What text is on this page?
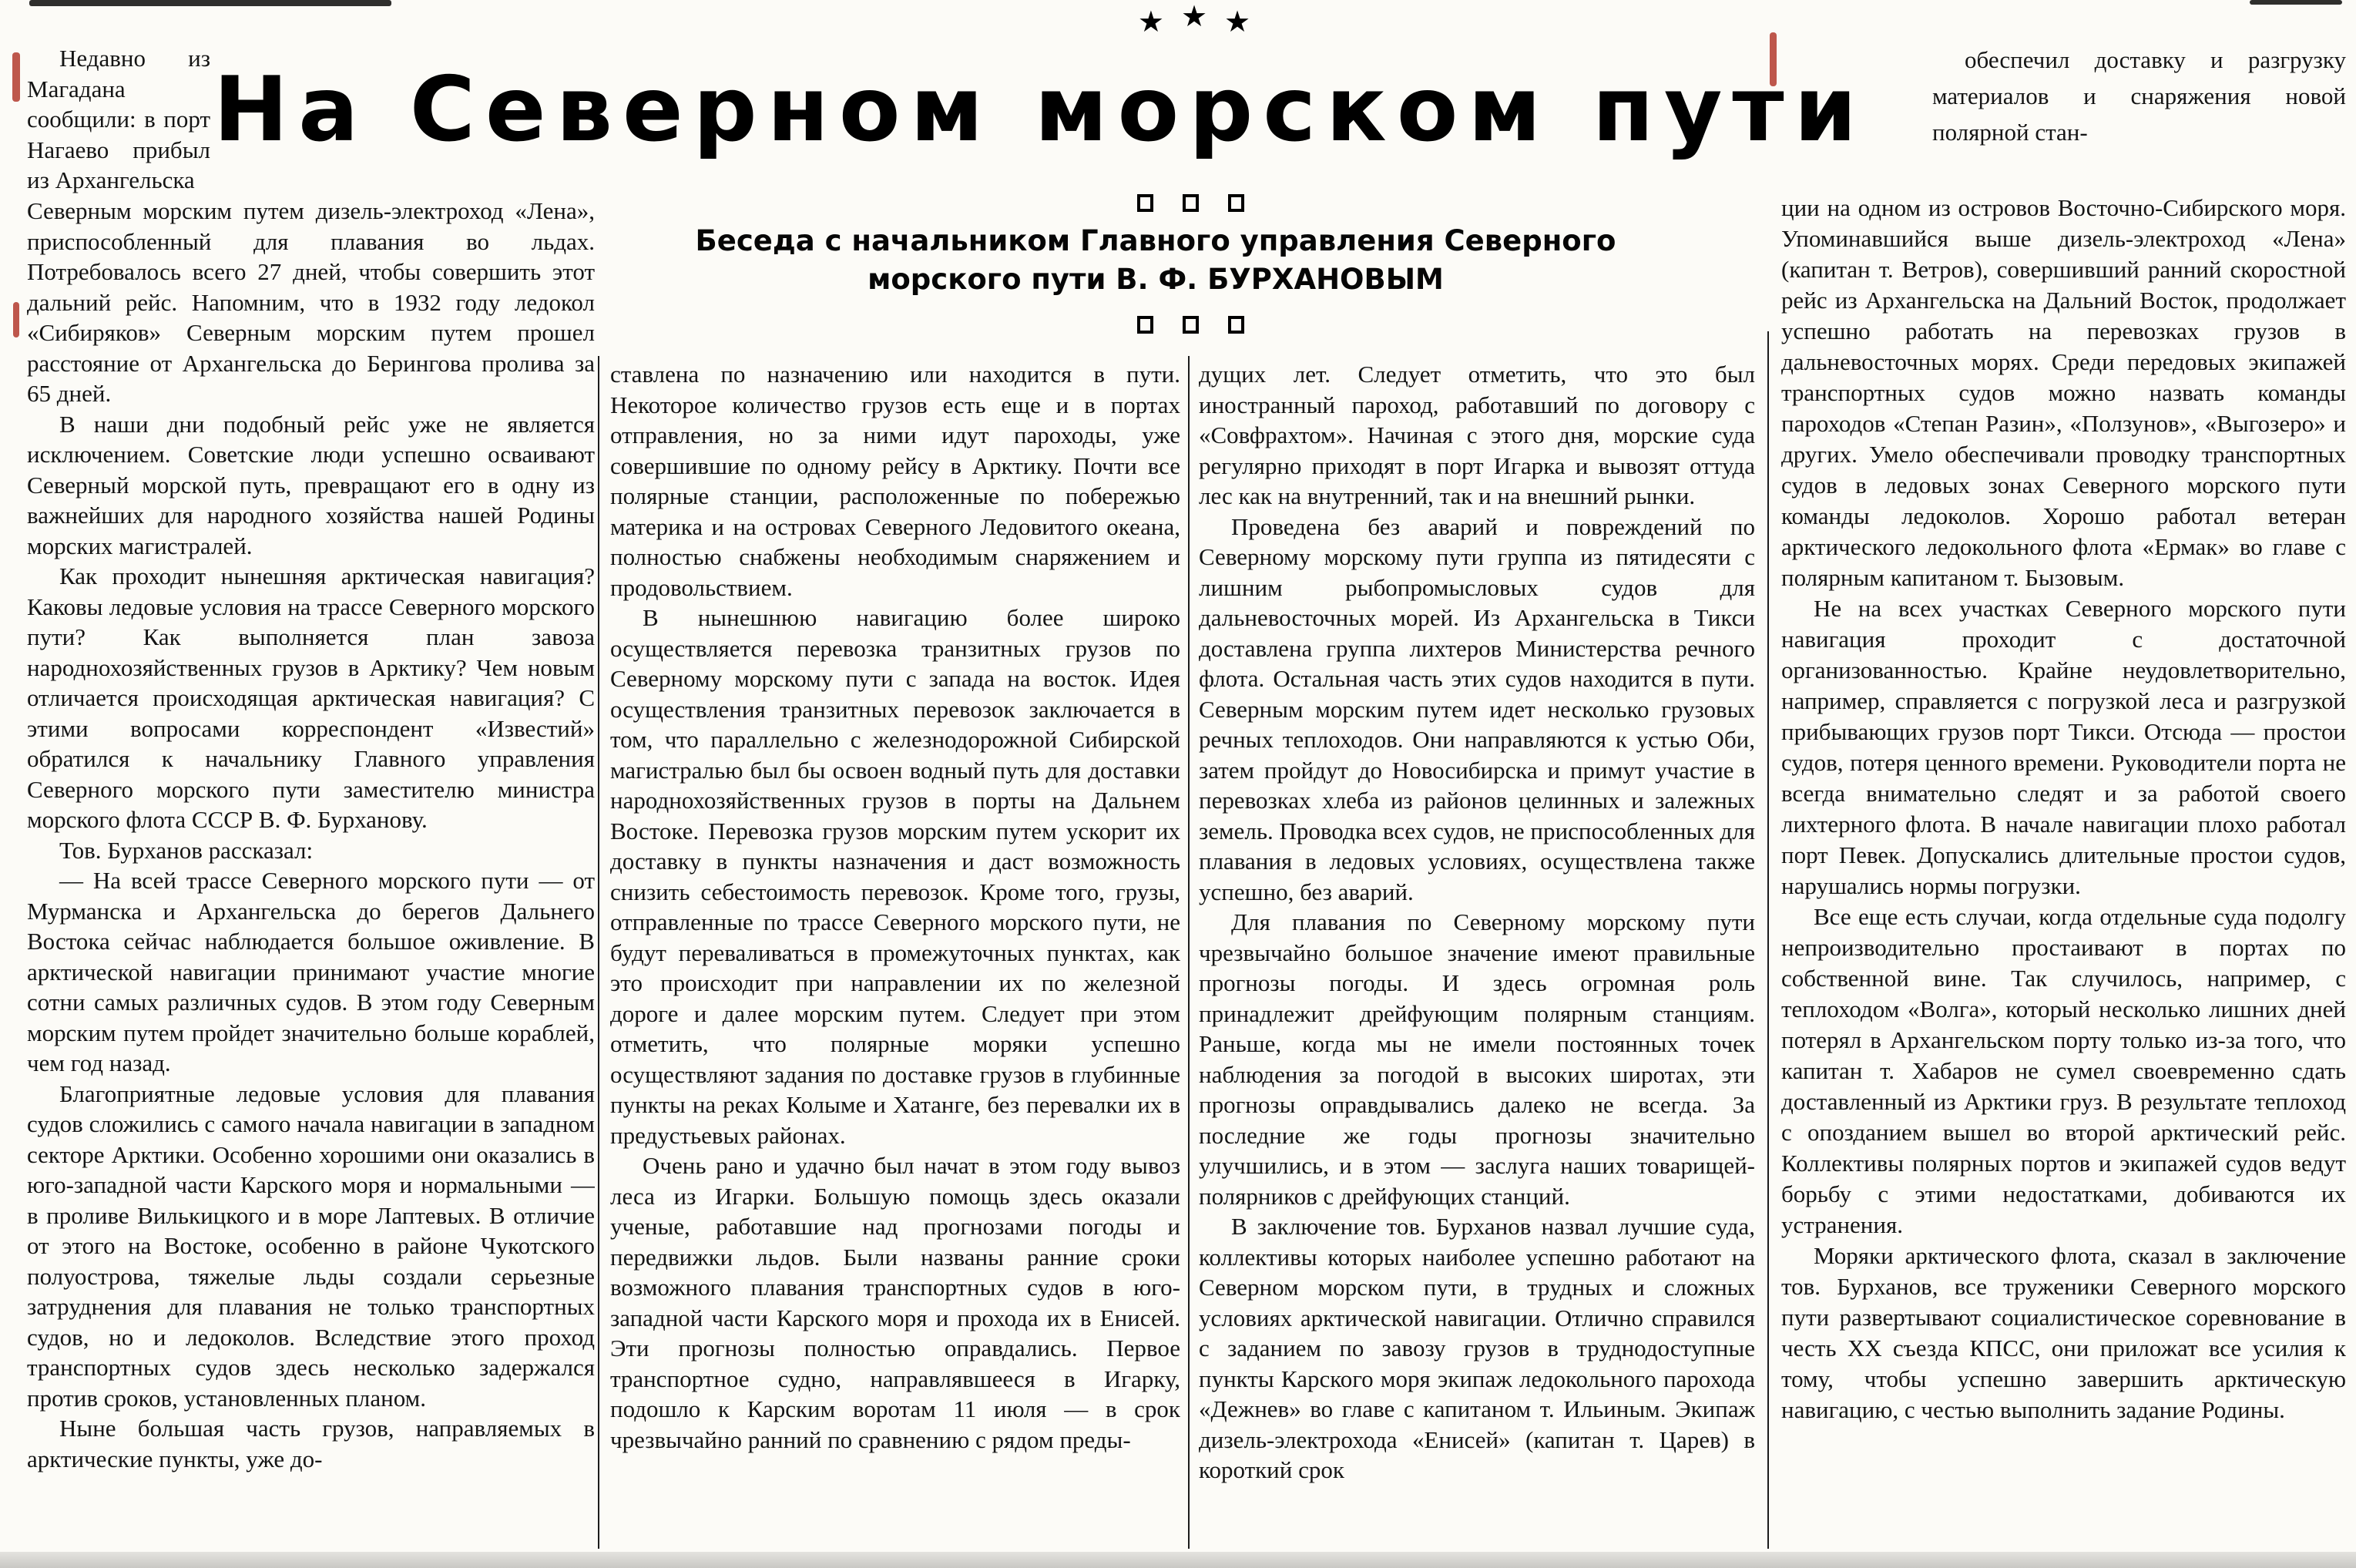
★ ★ ★
На Северном морском пути
Беседа с начальником Главного управления Северного
морского пути В. Ф. БУРХАНОВЫМ

Недавно из Магадана сообщили: в порт Нагаево прибыл из Архангельска

Северным морским путем дизель-электроход «Лена», приспособленный для плавания во льдах. Потребовалось всего 27 дней, чтобы совершить этот дальний рейс. Напомним, что в 1932 году ледокол «Сибиряков» Северным морским путем прошел расстояние от Архангельска до Берингова пролива за 65 дней.

В наши дни подобный рейс уже не является исключением. Советские люди успешно осваивают Северный морской путь, превращают его в одну из важнейших для народного хозяйства нашей Родины морских магистралей.

Как проходит нынешняя арктическая навигация? Каковы ледовые условия на трассе Северного морского пути? Как выполняется план завоза народнохозяйственных грузов в Арктику? Чем новым отличается происходящая арктическая навигация? С этими вопросами корреспондент «Известий» обратился к начальнику Главного управления Северного морского пути заместителю министра морского флота СССР В. Ф. Бурханову.

Тов. Бурханов рассказал:

— На всей трассе Северного морского пути — от Мурманска и Архангельска до берегов Дальнего Востока сейчас наблюдается большое оживление. В арктической навигации принимают участие многие сотни самых различных судов. В этом году Северным морским путем пройдет значительно больше кораблей, чем год назад.

Благоприятные ледовые условия для плавания судов сложились с самого начала навигации в западном секторе Арктики. Особенно хорошими они оказались в юго-западной части Карского моря и нормальными — в проливе Вилькицкого и в море Лаптевых. В отличие от этого на Востоке, особенно в районе Чукотского полуострова, тяжелые льды создали серьезные затруднения для плавания не только транспортных судов, но и ледоколов. Вследствие этого проход транспортных судов здесь несколько задержался против сроков, установленных планом.

Ныне большая часть грузов, направляемых в арктические пункты, уже до-

ставлена по назначению или находится в пути. Некоторое количество грузов есть еще и в портах отправления, но за ними идут пароходы, уже совершившие по одному рейсу в Арктику. Почти все полярные станции, расположенные по побережью материка и на островах Северного Ледовитого океана, полностью снабжены необходимым снаряжением и продовольствием.

В нынешнюю навигацию более широко осуществляется перевозка транзитных грузов по Северному морскому пути с запада на восток. Идея осуществления транзитных перевозок заключается в том, что параллельно с железнодорожной Сибирской магистралью был бы освоен водный путь для доставки народнохозяйственных грузов в порты на Дальнем Востоке. Перевозка грузов морским путем ускорит их доставку в пункты назначения и даст возможность снизить себестоимость перевозок. Кроме того, грузы, отправленные по трассе Северного морского пути, не будут переваливаться в промежуточных пунктах, как это происходит при направлении их по железной дороге и далее морским путем. Следует при этом отметить, что полярные моряки успешно осуществляют задания по доставке грузов в глубинные пункты на реках Колыме и Хатанге, без перевалки их в предустьевых районах.

Очень рано и удачно был начат в этом году вывоз леса из Игарки. Большую помощь здесь оказали ученые, работавшие над прогнозами погоды и передвижки льдов. Были названы ранние сроки возможного плавания транспортных судов в юго-западной части Карского моря и прохода их в Енисей. Эти прогнозы полностью оправдались. Первое транспортное судно, направлявшееся в Игарку, подошло к Карским воротам 11 июля — в срок чрезвычайно ранний по сравнению с рядом преды-

дущих лет. Следует отметить, что это был иностранный пароход, работавший по договору с «Совфрахтом». Начиная с этого дня, морские суда регулярно приходят в порт Игарка и вывозят оттуда лес как на внутренний, так и на внешний рынки.

Проведена без аварий и повреждений по Северному морскому пути группа из пятидесяти с лишним рыбопромысловых судов для дальневосточных морей. Из Архангельска в Тикси доставлена группа лихтеров Министерства речного флота. Остальная часть этих судов находится в пути. Северным морским путем идет несколько грузовых речных теплоходов. Они направляются к устью Оби, затем пройдут до Новосибирска и примут участие в перевозках хлеба из районов целинных и залежных земель. Проводка всех судов, не приспособленных для плавания в ледовых условиях, осуществлена также успешно, без аварий.

Для плавания по Северному морскому пути чрезвычайно большое значение имеют правильные прогнозы погоды. И здесь огромная роль принадлежит дрейфующим полярным станциям. Раньше, когда мы не имели постоянных точек наблюдения за погодой в высоких широтах, эти прогнозы оправдывались далеко не всегда. За последние же годы прогнозы значительно улучшились, и в этом — заслуга наших товарищей-полярников с дрейфующих станций.

В заключение тов. Бурханов назвал лучшие суда, коллективы которых наиболее успешно работают на Северном морском пути, в трудных и сложных условиях арктической навигации. Отлично справился с заданием по завозу грузов в труднодоступные пункты Карского моря экипаж ледокольного парохода «Дежнев» во главе с капитаном т. Ильиным. Экипаж дизель-электрохода «Енисей» (капитан т. Царев) в короткий срок

обеспечил доставку и разгрузку материалов и снаряжения новой полярной стан-

ции на одном из островов Восточно-Сибирского моря. Упоминавшийся выше дизель-электроход «Лена» (капитан т. Ветров), совершивший ранний скоростной рейс из Архангельска на Дальний Восток, продолжает успешно работать на перевозках грузов в дальневосточных морях. Среди передовых экипажей транспортных судов можно назвать команды пароходов «Степан Разин», «Ползунов», «Выгозеро» и других. Умело обеспечивали проводку транспортных судов в ледовых зонах Северного морского пути команды ледоколов. Хорошо работал ветеран арктического ледокольного флота «Ермак» во главе с полярным капитаном т. Бызовым.

Не на всех участках Северного морского пути навигация проходит с достаточной организованностью. Крайне неудовлетворительно, например, справляется с погрузкой леса и разгрузкой прибывающих грузов порт Тикси. Отсюда — простои судов, потеря ценного времени. Руководители порта не всегда внимательно следят и за работой своего лихтерного флота. В начале навигации плохо работал порт Певек. Допускались длительные простои судов, нарушались нормы погрузки.

Все еще есть случаи, когда отдельные суда подолгу непроизводительно простаивают в портах по собственной вине. Так случилось, например, с теплоходом «Волга», который несколько лишних дней потерял в Архангельском порту только из-за того, что капитан т. Хабаров не сумел своевременно сдать доставленный из Арктики груз. В результате теплоход с опозданием вышел во второй арктический рейс. Коллективы полярных портов и экипажей судов ведут борьбу с этими недостатками, добиваются их устранения.

Моряки арктического флота, сказал в заключение тов. Бурханов, все труженики Северного морского пути развертывают социалистическое соревнование в честь XX съезда КПСС, они приложат все усилия к тому, чтобы успешно завершить арктическую навигацию, с честью выполнить задание Родины.
